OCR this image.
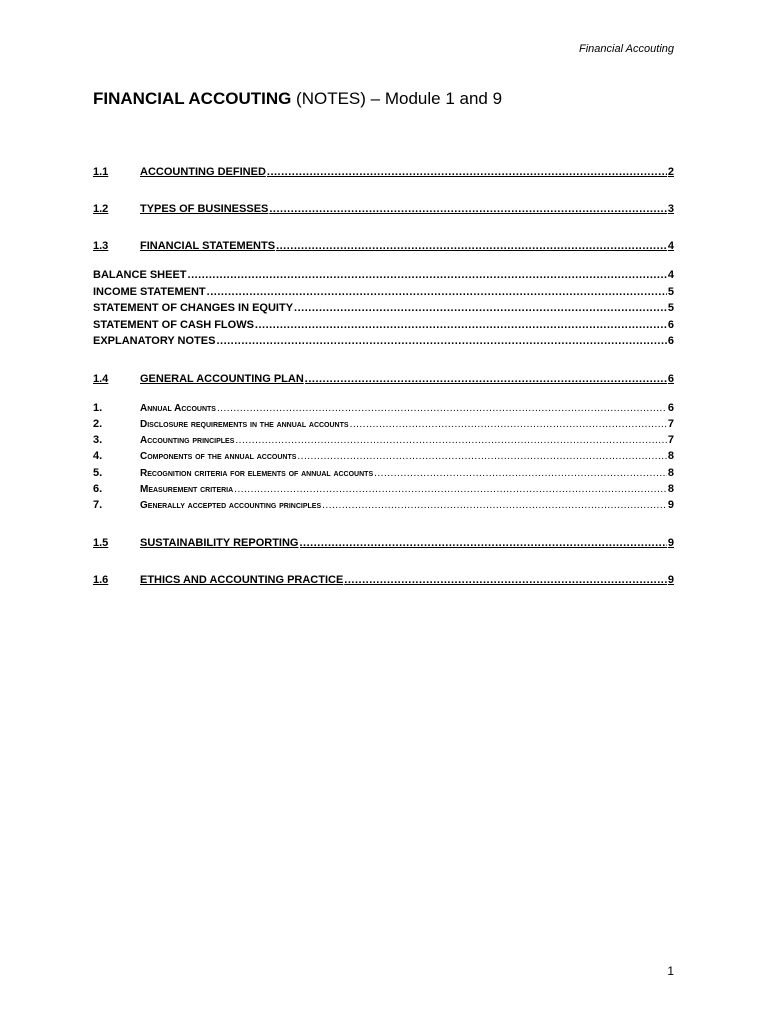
Financial Accouting
FINANCIAL ACCOUTING (NOTES) – Module 1 and 9
1.1	ACCOUNTING DEFINED .....	2
1.2	TYPES OF BUSINESSES .....	3
1.3	FINANCIAL STATEMENTS .....	4
BALANCE SHEET .....	4
INCOME STATEMENT .....	5
STATEMENT OF CHANGES IN EQUITY .....	5
STATEMENT OF CASH FLOWS .....	6
EXPLANATORY NOTES .....	6
1.4	GENERAL ACCOUNTING PLAN .....	6
1.	Annual Accounts .....	6
2.	Disclosure requirements in the annual accounts .....	7
3.	Accounting principles .....	7
4.	Components of the annual accounts .....	8
5.	Recognition criteria for elements of annual accounts .....	8
6.	Measurement criteria .....	8
7.	Generally accepted accounting principles .....	9
1.5	SUSTAINABILITY REPORTING .....	9
1.6	ETHICS AND ACCOUNTING PRACTICE .....	9
1
